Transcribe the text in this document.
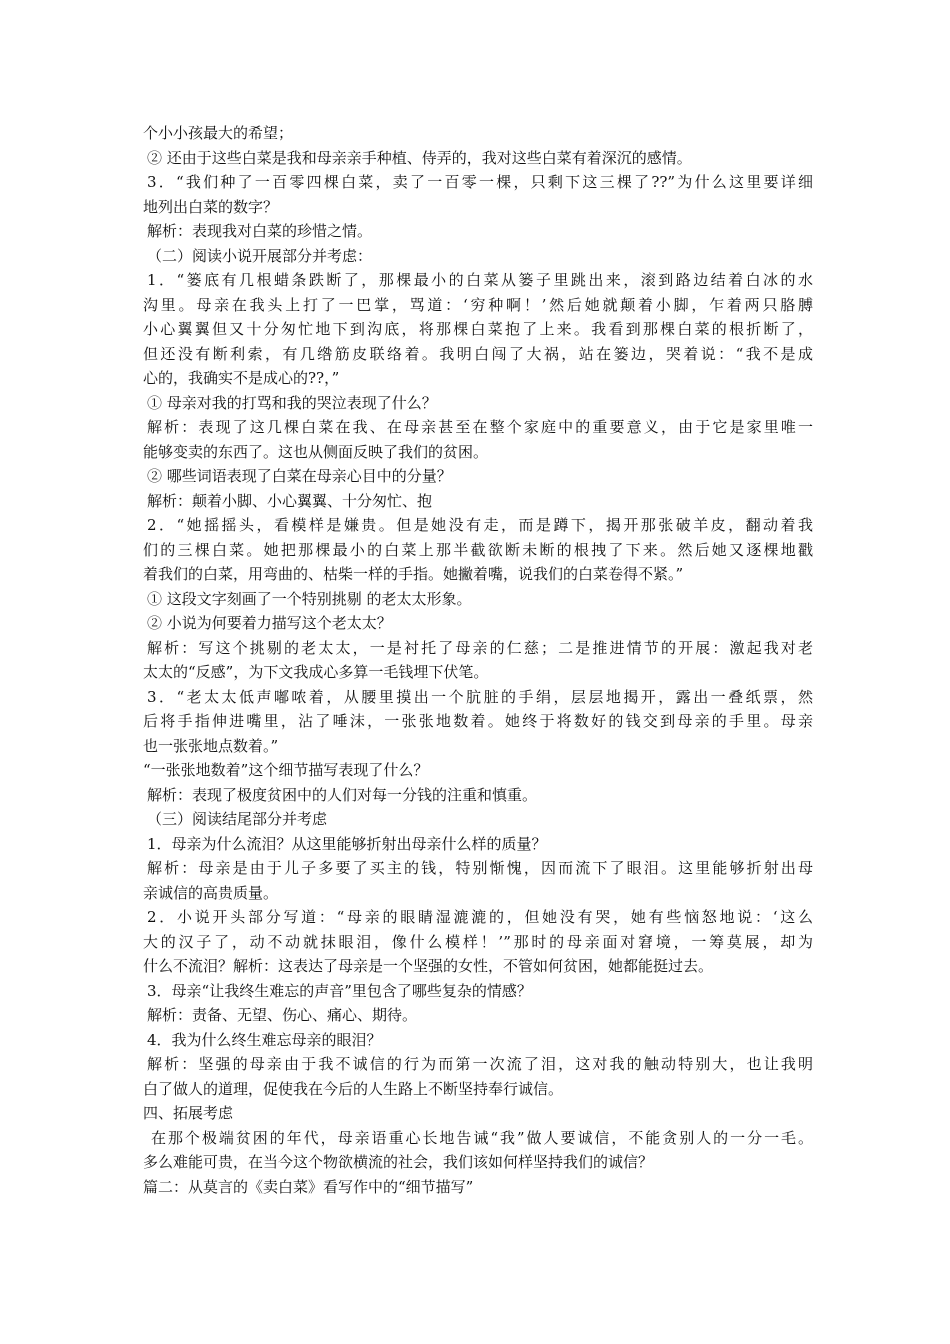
个小小孩最大的希望；
② 还由于这些白菜是我和母亲亲手种植、侍弄的，我对这些白菜有着深沉的感情。
3．“我们种了一百零四棵白菜，卖了一百零一棵，只剩下这三棵了??”为什么这里要详细
地列出白菜的数字？
解析：表现我对白菜的珍惜之情。
（二）阅读小说开展部分并考虑：
1．“篓底有几根蜡条跌断了，那棵最小的白菜从篓子里跳出来，滚到路边结着白冰的水
沟里。母亲在我头上打了一巴掌，骂道：‘穷种啊！’然后她就颠着小脚，乍着两只胳膊
小心翼翼但又十分匆忙地下到沟底，将那棵白菜抱了上来。我看到那棵白菜的根折断了，
但还没有断利索，有几绺筋皮联络着。我明白闯了大祸，站在篓边，哭着说：“我不是成
心的，我确实不是成心的??，”
① 母亲对我的打骂和我的哭泣表现了什么？
解析：表现了这几棵白菜在我、在母亲甚至在整个家庭中的重要意义，由于它是家里唯一
能够变卖的东西了。这也从侧面反映了我们的贫困。
② 哪些词语表现了白菜在母亲心目中的分量？
解析：颠着小脚、小心翼翼、十分匆忙、抱
2．“她摇摇头，看模样是嫌贵。但是她没有走，而是蹲下，揭开那张破羊皮，翻动着我
们的三棵白菜。她把那棵最小的白菜上那半截欲断未断的根拽了下来。然后她又逐棵地戳
着我们的白菜，用弯曲的、枯柴一样的手指。她撇着嘴，说我们的白菜卷得不紧。”
① 这段文字刻画了一个特别挑剔 的老太太形象。
② 小说为何要着力描写这个老太太？
解析：写这个挑剔的老太太，一是衬托了母亲的仁慈；二是推进情节的开展：激起我对老
太太的“反感”，为下文我成心多算一毛钱埋下伏笔。
3．“老太太低声嘟哝着，从腰里摸出一个肮脏的手绢，层层地揭开，露出一叠纸票，然
后将手指伸进嘴里，沾了唾沫，一张张地数着。她终于将数好的钱交到母亲的手里。母亲
也一张张地点数着。”
“一张张地数着”这个细节描写表现了什么？
解析：表现了极度贫困中的人们对每一分钱的注重和慎重。
（三）阅读结尾部分并考虑
1．母亲为什么流泪？从这里能够折射出母亲什么样的质量？
解析：母亲是由于儿子多要了买主的钱，特别惭愧，因而流下了眼泪。这里能够折射出母
亲诚信的高贵质量。
2．小说开头部分写道：“母亲的眼睛湿漉漉的，但她没有哭，她有些恼怒地说：‘这么
大的汉子了，动不动就抹眼泪，像什么模样！’”那时的母亲面对窘境，一筹莫展，却为
什么不流泪？解析：这表达了母亲是一个坚强的女性，不管如何贫困，她都能挺过去。
3．母亲“让我终生难忘的声音”里包含了哪些复杂的情感？
解析：责备、无望、伤心、痛心、期待。
4．我为什么终生难忘母亲的眼泪？
解析：坚强的母亲由于我不诚信的行为而第一次流了泪，这对我的触动特别大，也让我明
白了做人的道理，促使我在今后的人生路上不断坚持奉行诚信。
四、拓展考虑
在那个极端贫困的年代，母亲语重心长地告诫“我”做人要诚信，不能贪别人的一分一毛。
多么难能可贵，在当今这个物欲横流的社会，我们该如何样坚持我们的诚信？
篇二：从莫言的《卖白菜》看写作中的“细节描写”
